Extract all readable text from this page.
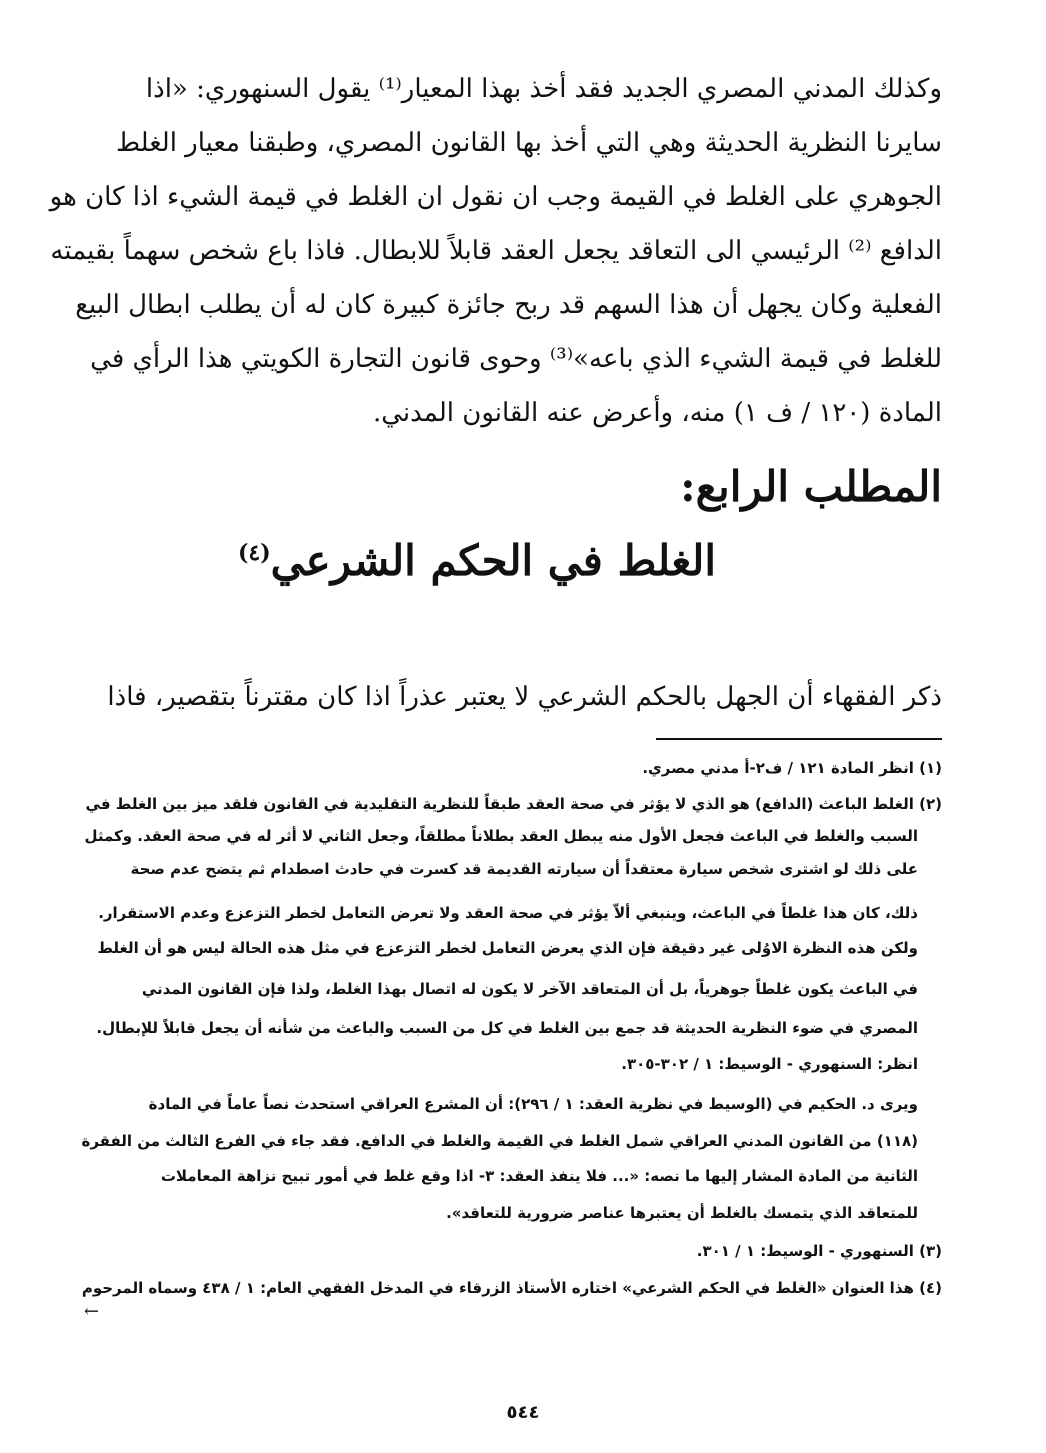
وكذلك المدني المصري الجديد فقد أخذ بهذا المعيار⁽¹⁾ يقول السنهوري: «اذا
سايرنا النظرية الحديثة وهي التي أخذ بها القانون المصري، وطبقنا معيار الغلط
الجوهري على الغلط في القيمة وجب ان نقول ان الغلط في قيمة الشيء اذا كان هو
الدافع ⁽²⁾ الرئيسي الى التعاقد يجعل العقد قابلاً للابطال. فاذا باع شخص سهماً بقيمته
الفعلية وكان يجهل أن هذا السهم قد ربح جائزة كبيرة كان له أن يطلب ابطال البيع
للغلط في قيمة الشيء الذي باعه»⁽³⁾ وحوى قانون التجارة الكويتي هذا الرأي في
المادة (١٢٠ / ف ١) منه، وأعرض عنه القانون المدني.
المطلب الرابع:
الغلط في الحكم الشرعي$^{(٤)}$
ذكر الفقهاء أن الجهل بالحكم الشرعي لا يعتبر عذراً اذا كان مقترناً بتقصير، فاذا
(١) انظر المادة ١٢١ / ف٢-أ مدني مصري.
(٢) الغلط الباعث (الدافع) هو الذي لا يؤثر في صحة العقد طبقاً للنظرية التقليدية في القانون فلقد ميز بين الغلط في
السبب والغلط في الباعث فجعل الأول منه يبطل العقد بطلاناً مطلقاً، وجعل الثاني لا أثر له في صحة العقد. وكمثل
على ذلك لو اشترى شخص سيارة معتقداً أن سيارته القديمة قد كسرت في حادث اصطدام ثم يتضح عدم صحة
ذلك، كان هذا غلطاً في الباعث، وينبغي ألاّ يؤثر في صحة العقد ولا تعرض التعامل لخطر التزعزع وعدم الاستقرار.
ولكن هذه النظرة الاوُلى غير دقيقة فإن الذي يعرض التعامل لخطر التزعزع في مثل هذه الحالة ليس هو أن الغلط
في الباعث يكون غلطاً جوهرياً، بل أن المتعاقد الآخر لا يكون له اتصال بهذا الغلط، ولذا فإن القانون المدني
المصري في ضوء النظرية الحديثة قد جمع بين الغلط في كل من السبب والباعث من شأنه أن يجعل قابلاً للإبطال.
انظر: السنهوري - الوسيط: ١ / ٣٠٢-٣٠٥.
ويرى د. الحكيم في (الوسيط في نظرية العقد: ١ / ٢٩٦): أن المشرع العراقي استحدث نصاً عاماً في المادة
(١١٨) من القانون المدني العراقي شمل الغلط في القيمة والغلط في الدافع. فقد جاء في الفرع الثالث من الفقرة
الثانية من المادة المشار إليها ما نصه: «... فلا ينفذ العقد: ٣- اذا وقع غلط في أمور تبيح نزاهة المعاملات
للمتعاقد الذي يتمسك بالغلط أن يعتبرها عناصر ضرورية للتعاقد».
(٣) السنهوري - الوسيط: ١ / ٣٠١.
(٤) هذا العنوان «الغلط في الحكم الشرعي» اختاره الأستاذ الزرقاء في المدخل الفقهي العام: ١ / ٤٣٨ وسماه المرحوم
←
٥٤٤
